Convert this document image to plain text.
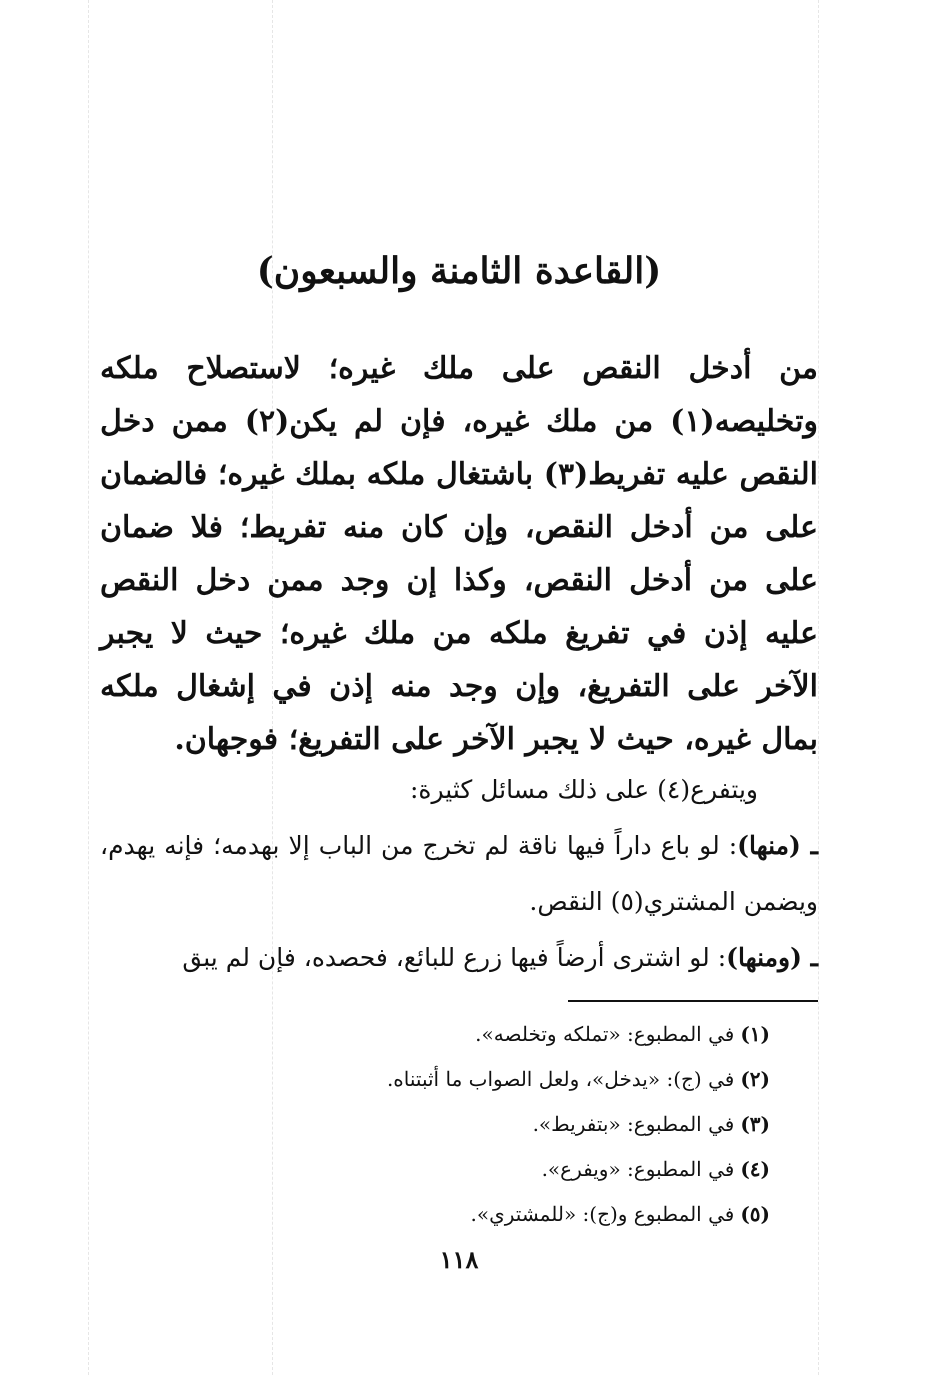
(القاعدة الثامنة والسبعون)
من أدخل النقص على ملك غيره؛ لاستصلاح ملكه وتخليصه(١) من ملك غيره، فإن لم يكن(٢) ممن دخل النقص عليه تفريط(٣) باشتغال ملكه بملك غيره؛ فالضمان على من أدخل النقص، وإن كان منه تفريط؛ فلا ضمان على من أدخل النقص، وكذا إن وجد ممن دخل النقص عليه إذن في تفريغ ملكه من ملك غيره؛ حيث لا يجبر الآخر على التفريغ، وإن وجد منه إذن في إشغال ملكه بمال غيره، حيث لا يجبر الآخر على التفريغ؛ فوجهان.

ويتفرع(٤) على ذلك مسائل كثيرة:

ـ (منها): لو باع داراً فيها ناقة لم تخرج من الباب إلا بهدمه؛ فإنه يهدم، ويضمن المشتري(٥) النقص.

ـ (ومنها): لو اشترى أرضاً فيها زرع للبائع، فحصده، فإن لم يبق

(١)في المطبوع: «تملكه وتخلصه».
(٢)في (ج): «يدخل»، ولعل الصواب ما أثبتناه.
(٣)في المطبوع: «بتفريط».
(٤)في المطبوع: «ويفرع».
(٥)في المطبوع و(ج): «للمشتري».
١١٨
